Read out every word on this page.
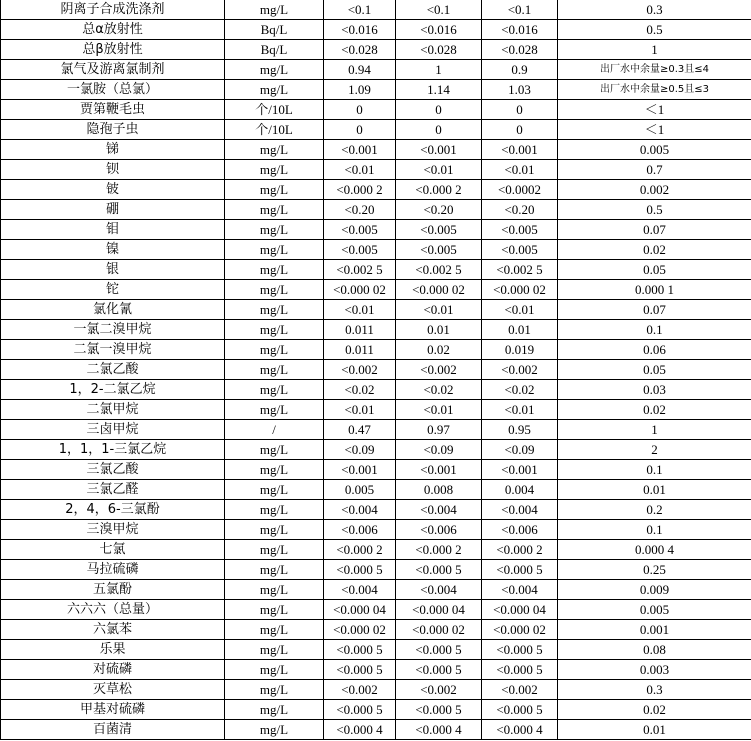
阴离子合成洗涤剂	mg/L	<0.1	<0.1	<0.1	0.3
总α放射性	Bq/L	<0.016	<0.016	<0.016	0.5
总β放射性	Bq/L	<0.028	<0.028	<0.028	1
氯气及游离氯制剂	mg/L	0.94	1	0.9	出厂水中余量≥0.3且≤4
一氯胺（总氯）	mg/L	1.09	1.14	1.03	出厂水中余量≥0.5且≤3
贾第鞭毛虫	个/10L	0	0	0	＜1
隐孢子虫	个/10L	0	0	0	＜1
锑	mg/L	<0.001	<0.001	<0.001	0.005
钡	mg/L	<0.01	<0.01	<0.01	0.7
铍	mg/L	<0.000 2	<0.000 2	<0.0002	0.002
硼	mg/L	<0.20	<0.20	<0.20	0.5
钼	mg/L	<0.005	<0.005	<0.005	0.07
镍	mg/L	<0.005	<0.005	<0.005	0.02
银	mg/L	<0.002 5	<0.002 5	<0.002 5	0.05
铊	mg/L	<0.000 02	<0.000 02	<0.000 02	0.000 1
氯化氰	mg/L	<0.01	<0.01	<0.01	0.07
一氯二溴甲烷	mg/L	0.011	0.01	0.01	0.1
二氯一溴甲烷	mg/L	0.011	0.02	0.019	0.06
二氯乙酸	mg/L	<0.002	<0.002	<0.002	0.05
1，2-二氯乙烷	mg/L	<0.02	<0.02	<0.02	0.03
二氯甲烷	mg/L	<0.01	<0.01	<0.01	0.02
三卤甲烷	/	0.47	0.97	0.95	1
1，1，1-三氯乙烷	mg/L	<0.09	<0.09	<0.09	2
三氯乙酸	mg/L	<0.001	<0.001	<0.001	0.1
三氯乙醛	mg/L	0.005	0.008	0.004	0.01
2，4，6-三氯酚	mg/L	<0.004	<0.004	<0.004	0.2
三溴甲烷	mg/L	<0.006	<0.006	<0.006	0.1
七氯	mg/L	<0.000 2	<0.000 2	<0.000 2	0.000 4
马拉硫磷	mg/L	<0.000 5	<0.000 5	<0.000 5	0.25
五氯酚	mg/L	<0.004	<0.004	<0.004	0.009
六六六（总量）	mg/L	<0.000 04	<0.000 04	<0.000 04	0.005
六氯苯	mg/L	<0.000 02	<0.000 02	<0.000 02	0.001
乐果	mg/L	<0.000 5	<0.000 5	<0.000 5	0.08
对硫磷	mg/L	<0.000 5	<0.000 5	<0.000 5	0.003
灭草松	mg/L	<0.002	<0.002	<0.002	0.3
甲基对硫磷	mg/L	<0.000 5	<0.000 5	<0.000 5	0.02
百菌清	mg/L	<0.000 4	<0.000 4	<0.000 4	0.01
